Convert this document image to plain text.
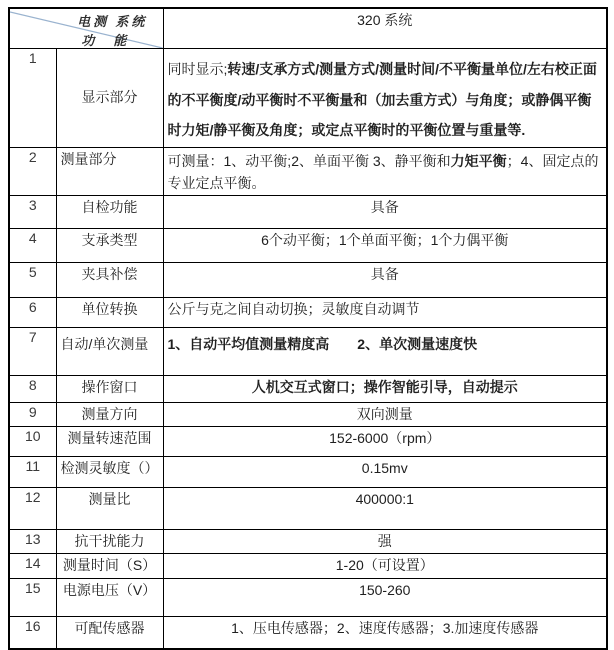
电测 系统
功　能		320 系统
1	显示部分	同时显示;转速/支承方式/测量方式/测量时间/不平衡量单位/左右校正面的不平衡度/动平衡时不平衡量和（加去重方式）与角度；或静偶平衡时力矩/静平衡及角度；或定点平衡时的平衡位置与重量等.
2	测量部分	可测量：1、动平衡;2、单面平衡 3、静平衡和力矩平衡；4、固定点的专业定点平衡。
3	自检功能	具备
4	支承类型	6个动平衡；1个单面平衡；1个力偶平衡
5	夹具补偿	具备
6	单位转换	公斤与克之间自动切换；灵敏度自动调节
7	自动/单次测量	1、自动平均值测量精度高　　2、单次测量速度快
8	操作窗口	人机交互式窗口；操作智能引导，自动提示
9	测量方向	双向测量
10	测量转速范围	152-6000（rpm）
11	检测灵敏度（）	0.15mv
12	测量比	400000:1
13	抗干扰能力	强
14	测量时间（S）	1-20（可设置）
15	电源电压（V）	150-260
16	可配传感器	1、压电传感器；2、速度传感器；3.加速度传感器
